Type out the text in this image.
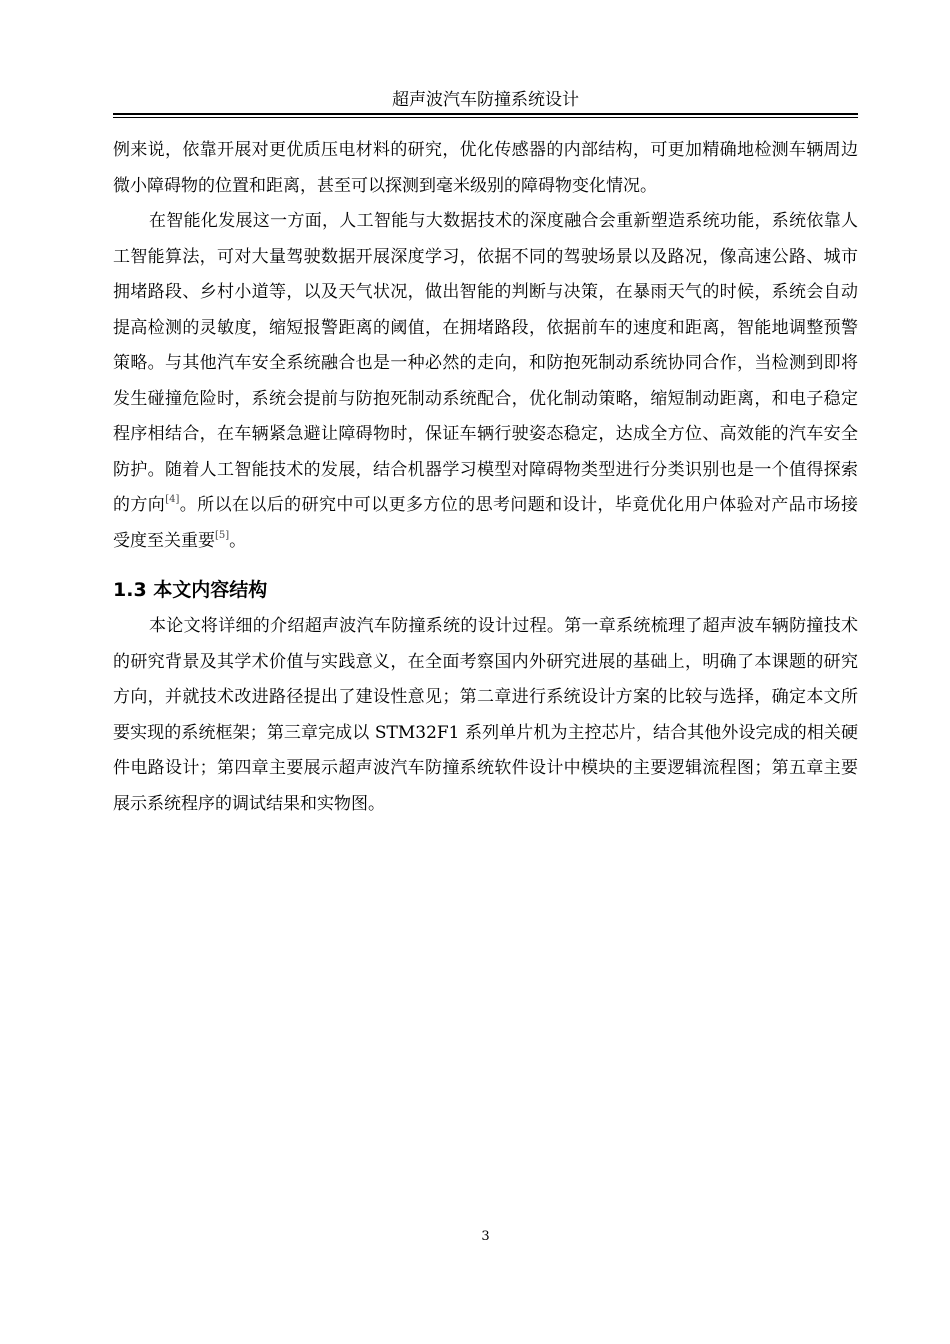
超声波汽车防撞系统设计

例来说，依靠开展对更优质压电材料的研究，优化传感器的内部结构，可更加精确地检测车辆周边微小障碍物的位置和距离，甚至可以探测到毫米级别的障碍物变化情况。

在智能化发展这一方面，人工智能与大数据技术的深度融合会重新塑造系统功能，系统依靠人工智能算法，可对大量驾驶数据开展深度学习，依据不同的驾驶场景以及路况，像高速公路、城市拥堵路段、乡村小道等，以及天气状况，做出智能的判断与决策，在暴雨天气的时候，系统会自动提高检测的灵敏度，缩短报警距离的阈值，在拥堵路段，依据前车的速度和距离，智能地调整预警策略。与其他汽车安全系统融合也是一种必然的走向，和防抱死制动系统协同合作，当检测到即将发生碰撞危险时，系统会提前与防抱死制动系统配合，优化制动策略，缩短制动距离，和电子稳定程序相结合，在车辆紧急避让障碍物时，保证车辆行驶姿态稳定，达成全方位、高效能的汽车安全防护。随着人工智能技术的发展，结合机器学习模型对障碍物类型进行分类识别也是一个值得探索的方向[4]。所以在以后的研究中可以更多方位的思考问题和设计，毕竟优化用户体验对产品市场接受度至关重要[5]。

1.3 本文内容结构

本论文将详细的介绍超声波汽车防撞系统的设计过程。第一章系统梳理了超声波车辆防撞技术的研究背景及其学术价值与实践意义，在全面考察国内外研究进展的基础上，明确了本课题的研究方向，并就技术改进路径提出了建设性意见；第二章进行系统设计方案的比较与选择，确定本文所要实现的系统框架；第三章完成以 STM32F1 系列单片机为主控芯片，结合其他外设完成的相关硬件电路设计；第四章主要展示超声波汽车防撞系统软件设计中模块的主要逻辑流程图；第五章主要展示系统程序的调试结果和实物图。

3
